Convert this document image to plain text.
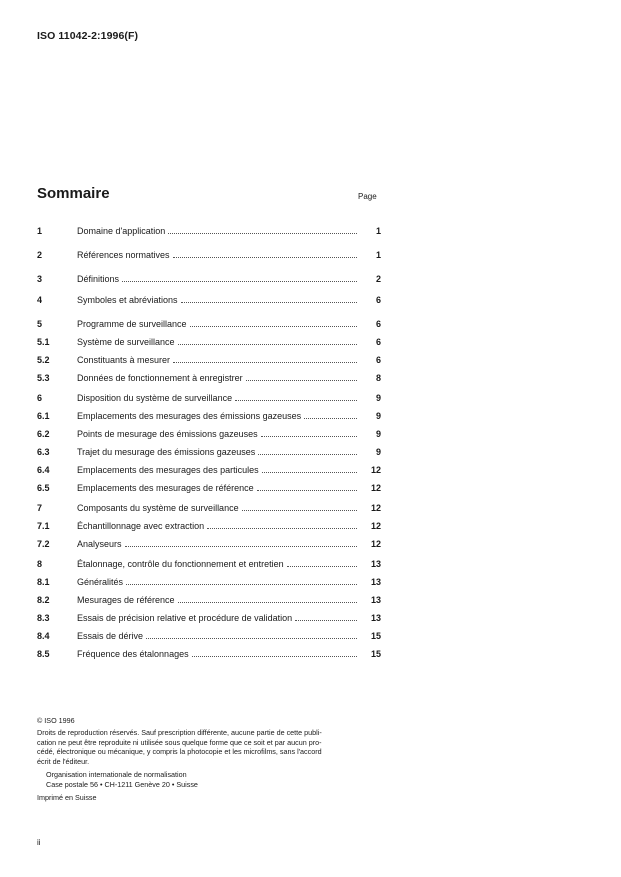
ISO 11042-2:1996(F)
Sommaire	Page
1	Domaine d'application	1
2	Références normatives	1
3	Définitions	2
4	Symboles et abréviations	6
5	Programme de surveillance	6
5.1	Système de surveillance	6
5.2	Constituants à mesurer	6
5.3	Données de fonctionnement à enregistrer	8
6	Disposition du système de surveillance	9
6.1	Emplacements des mesurages des émissions gazeuses	9
6.2	Points de mesurage des émissions gazeuses	9
6.3	Trajet du mesurage des émissions gazeuses	9
6.4	Emplacements des mesurages des particules	12
6.5	Emplacements des mesurages de référence	12
7	Composants du système de surveillance	12
7.1	Échantillonnage avec extraction	12
7.2	Analyseurs	12
8	Étalonnage, contrôle du fonctionnement et entretien	13
8.1	Généralités	13
8.2	Mesurages de référence	13
8.3	Essais de précision relative et procédure de validation	13
8.4	Essais de dérive	15
8.5	Fréquence des étalonnages	15
© ISO 1996
Droits de reproduction réservés. Sauf prescription différente, aucune partie de cette publi-
cation ne peut être reproduite ni utilisée sous quelque forme que ce soit et par aucun pro-
cédé, électronique ou mécanique, y compris la photocopie et les microfilms, sans l'accord
écrit de l'éditeur.
Organisation internationale de normalisation
Case postale 56 • CH-1211 Genève 20 • Suisse
Imprimé en Suisse
ii
